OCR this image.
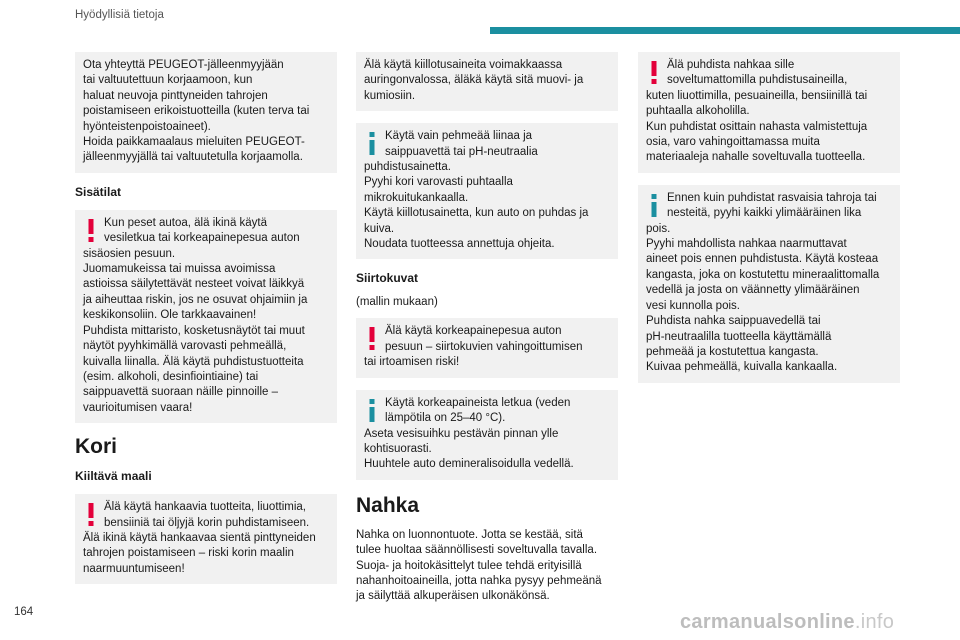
Hyödyllisiä tietoja
Ota yhteyttä PEUGEOT-jälleenmyyjään
tai valtuutettuun korjaamoon, kun
haluat neuvoja pinttyneiden tahrojen
poistamiseen erikoistuotteilla (kuten terva tai
hyönteistenpoistoaineet).
Hoida paikkamaalaus mieluiten PEUGEOT-
jälleenmyyjällä tai valtuutetulla korjaamolla.
Sisätilat
Kun peset autoa, älä ikinä käytä
vesiletkua tai korkeapainepesua auton
sisäosien pesuun.
Juomamukeissa tai muissa avoimissa
astioissa säilytettävät nesteet voivat läikkyä
ja aiheuttaa riskin, jos ne osuvat ohjaimiin ja
keskikonsoliin. Ole tarkkaavainen!
Puhdista mittaristo, kosketusnäytöt tai muut
näytöt pyyhkimällä varovasti pehmeällä,
kuivalla liinalla. Älä käytä puhdistustuotteita
(esim. alkoholi, desinfiointiaine) tai
saippuavettä suoraan näille pinnoille –
vaurioitumisen vaara!
Kori
Kiiltävä maali
Älä käytä hankaavia tuotteita, liuottimia,
bensiiniä tai öljyjä korin puhdistamiseen.
Älä ikinä käytä hankaavaa sientä pinttyneiden
tahrojen poistamiseen – riski korin maalin
naarmuuntumiseen!
Älä käytä kiillotusaineita voimakkaassa
auringonvalossa, äläkä käytä sitä muovi- ja
kumiosiin.
Käytä vain pehmeää liinaa ja
saippuavettä tai pH-neutraalia
puhdistusainetta.
Pyyhi kori varovasti puhtaalla
mikrokuitukankaalla.
Käytä kiillotusainetta, kun auto on puhdas ja
kuiva.
Noudata tuotteessa annettuja ohjeita.
Siirtokuvat
(mallin mukaan)
Älä käytä korkeapainepesua auton
pesuun – siirtokuvien vahingoittumisen
tai irtoamisen riski!
Käytä korkeapaineista letkua (veden
lämpötila on 25–40 °C).
Aseta vesisuihku pestävän pinnan ylle
kohtisuorasti.
Huuhtele auto demineralisoidulla vedellä.
Nahka
Nahka on luonnontuote. Jotta se kestää, sitä
tulee huoltaa säännöllisesti soveltuvalla tavalla.
Suoja- ja hoitokäsittelyt tulee tehdä erityisillä
nahanhoitoaineilla, jotta nahka pysyy pehmeänä
ja säilyttää alkuperäisen ulkonäkönsä.
Älä puhdista nahkaa sille
soveltumattomilla puhdistusaineilla,
kuten liuottimilla, pesuaineilla, bensiinillä tai
puhtaalla alkoholilla.
Kun puhdistat osittain nahasta valmistettuja
osia, varo vahingoittamassa muita
materiaaleja nahalle soveltuvalla tuotteella.
Ennen kuin puhdistat rasvaisia tahroja tai
nesteitä, pyyhi kaikki ylimääräinen lika
pois.
Pyyhi mahdollista nahkaa naarmuttavat
aineet pois ennen puhdistusta. Käytä kosteaa
kangasta, joka on kostutettu mineraalittomalla
vedellä ja josta on väännetty ylimääräinen
vesi kunnolla pois.
Puhdista nahka saippuavedellä tai
pH-neutraalilla tuotteella käyttämällä
pehmeää ja kostutettua kangasta.
Kuivaa pehmeällä, kuivalla kankaalla.
164	carmanualsonline.info
